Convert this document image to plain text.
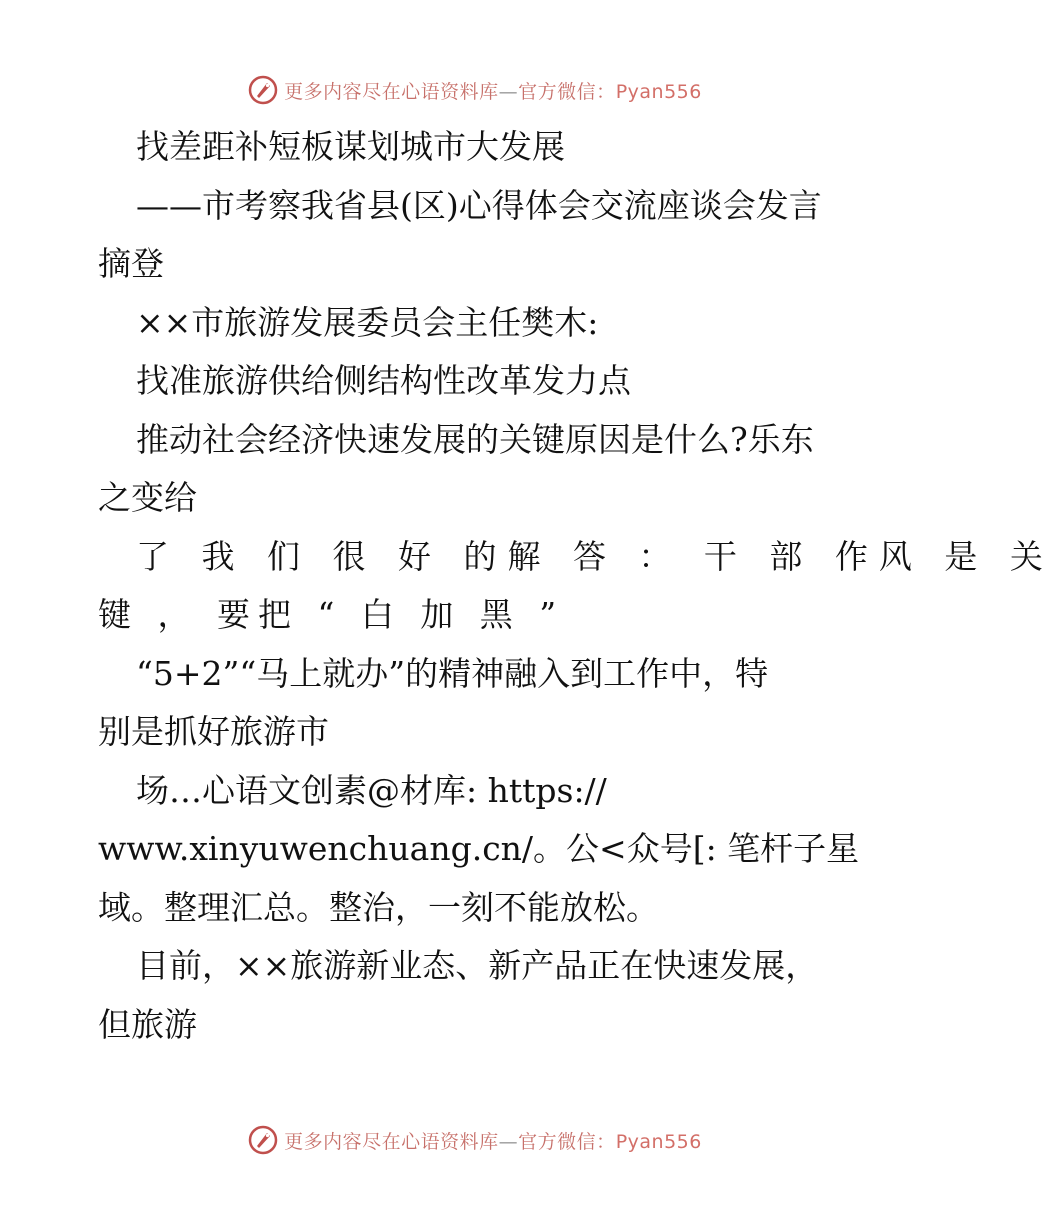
更多内容尽在心语资料库—官方微信：Pyan556
找差距补短板谋划城市大发展
——市考察我省县(区)心得体会交流座谈会发言
摘登
××市旅游发展委员会主任樊木:
找准旅游供给侧结构性改革发力点
推动社会经济快速发展的关键原因是什么?乐东
之变给
了 我 们 很 好 的解 答 ： 干 部 作风 是 关
键 ， 要把 “ 白 加 黑 ”
“5+2”“马上就办”的精神融入到工作中，特
别是抓好旅游市
场…心语文创素@材库: https://
www.xinyuwenchuang.cn/。公<众号[: 笔杆子星
域。整理汇总。整治，一刻不能放松。
目前，××旅游新业态、新产品正在快速发展，
但旅游
更多内容尽在心语资料库—官方微信：Pyan556
